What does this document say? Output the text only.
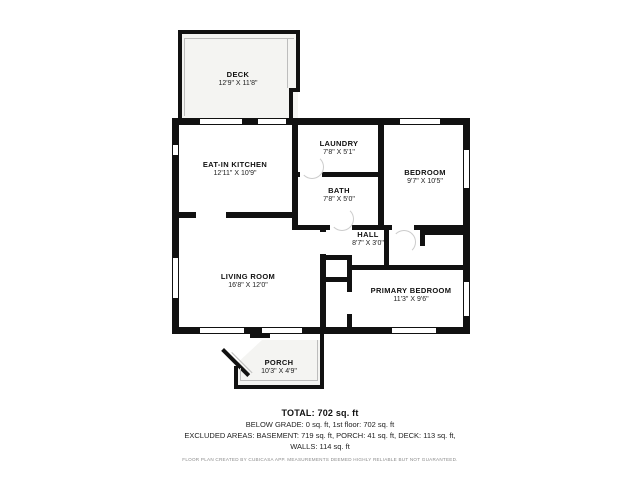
DECK
12'9" X 11'8"
EAT-IN KITCHEN
12'11" X 10'9"
LAUNDRY
7'8" X 5'1"
BATH
7'8" X 5'0"
BEDROOM
9'7" X 10'5"
HALL
8'7" X 3'0"
LIVING ROOM
16'8" X 12'0"
PRIMARY BEDROOM
11'3" X 9'6"
PORCH
10'3" X 4'9"
TOTAL: 702 sq. ft
BELOW GRADE: 0 sq. ft, 1st floor: 702 sq. ft
EXCLUDED AREAS: BASEMENT: 719 sq. ft, PORCH: 41 sq. ft, DECK: 113 sq. ft,
WALLS: 114 sq. ft
FLOOR PLAN CREATED BY CUBICASA APP. MEASUREMENTS DEEMED HIGHLY RELIABLE BUT NOT GUARANTEED.
